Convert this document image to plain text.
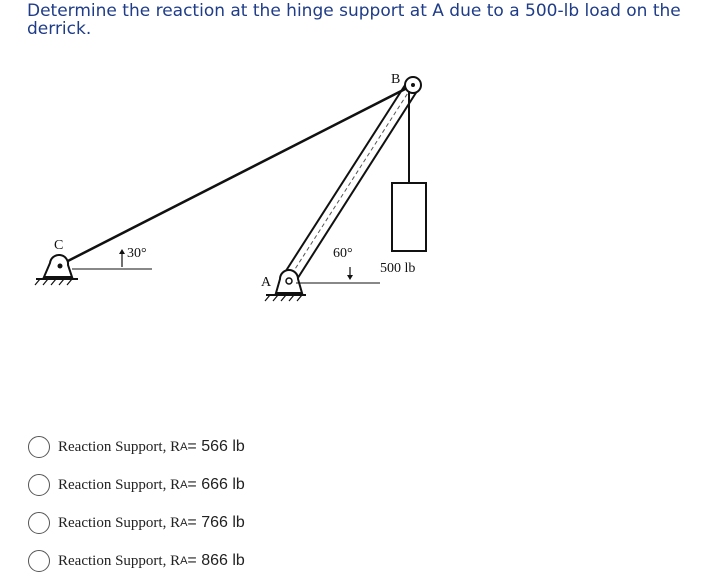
Determine the reaction at the hinge support at A due to a 500-lb load on the derrick.
C
A
B
30°	60°
500 lb
Reaction Support, R A = 566 lb
Reaction Support, R A = 666 lb
Reaction Support, R A = 766 lb
Reaction Support, R A = 866 lb
